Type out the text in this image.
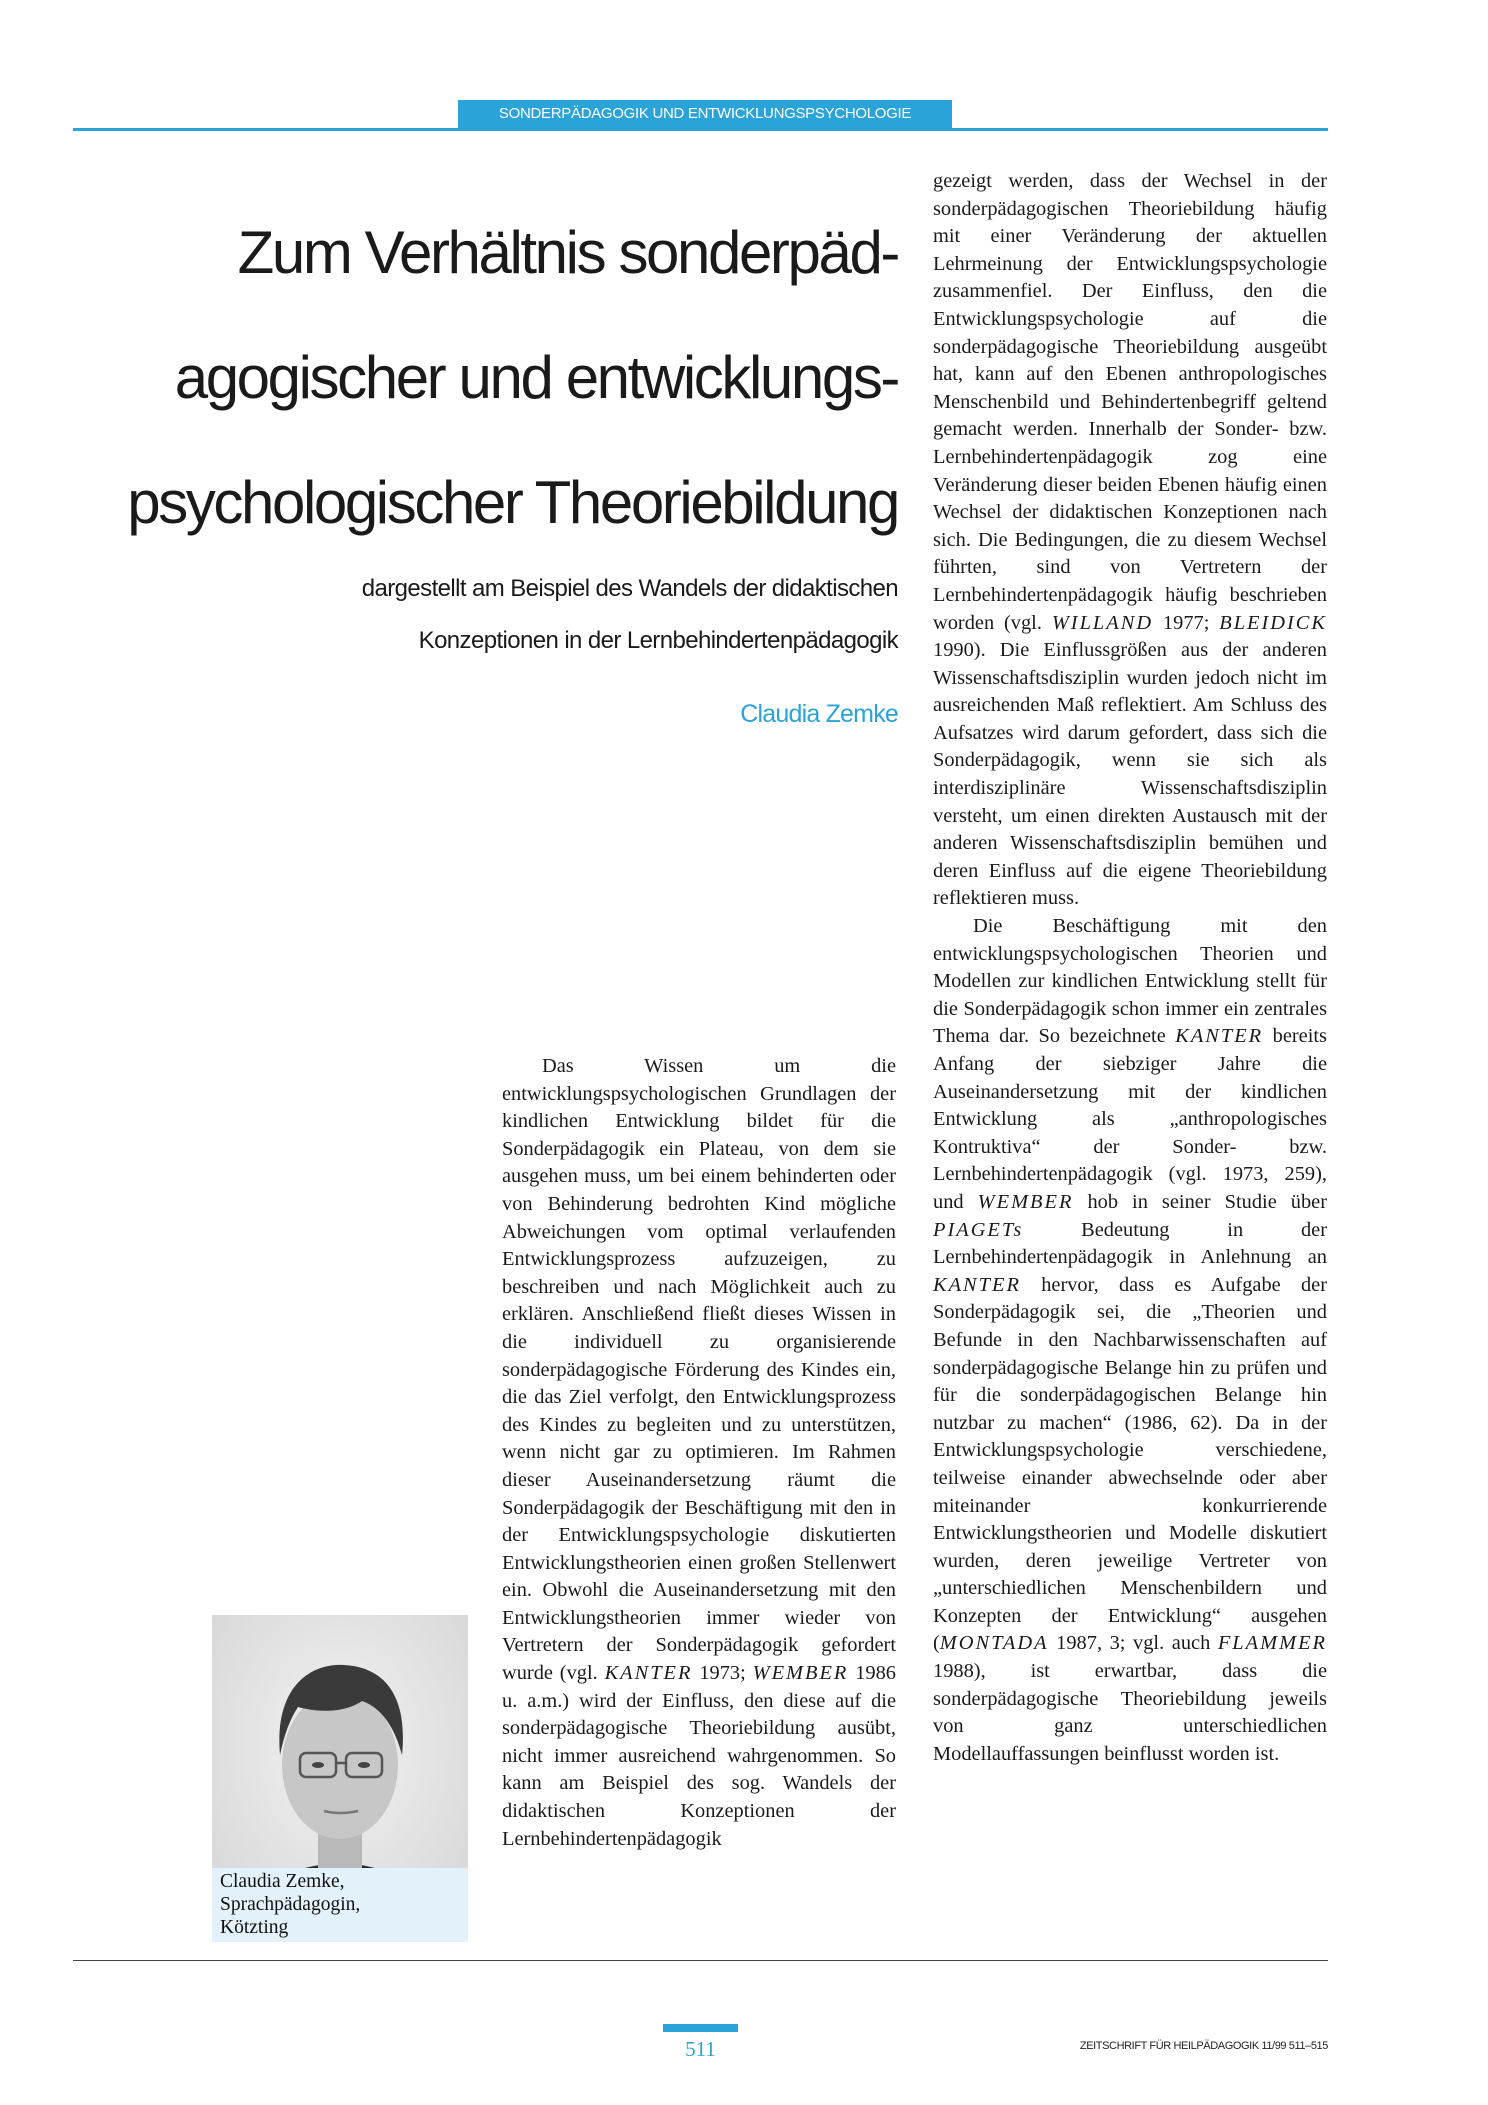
SONDERPÄDAGOGIK UND ENTWICKLUNGSPSYCHOLOGIE
Zum Verhältnis sonderpäd-
agogischer und entwicklungs-
psychologischer Theoriebildung
dargestellt am Beispiel des Wandels der didaktischen
Konzeptionen in der Lernbehindertenpädagogik
Claudia Zemke
Claudia Zemke,
Sprachpädagogin,
Kötzting

Das Wissen um die entwicklungspsychologischen Grundlagen der kindlichen Entwicklung bildet für die Sonderpädagogik ein Plateau, von dem sie ausgehen muss, um bei einem behinderten oder von Behinderung bedrohten Kind mögliche Abweichungen vom optimal verlaufenden Entwicklungsprozess aufzuzeigen, zu beschreiben und nach Möglichkeit auch zu erklären. Anschließend fließt dieses Wissen in die individuell zu organisierende sonderpädagogische Förderung des Kindes ein, die das Ziel verfolgt, den Entwicklungsprozess des Kindes zu begleiten und zu unterstützen, wenn nicht gar zu optimieren. Im Rahmen dieser Auseinandersetzung räumt die Sonderpädagogik der Beschäftigung mit den in der Entwicklungspsychologie diskutierten Entwicklungstheorien einen großen Stellenwert ein. Obwohl die Auseinandersetzung mit den Entwicklungstheorien immer wieder von Vertretern der Sonderpädagogik gefordert wurde (vgl. KANTER 1973; WEMBER 1986 u. a.m.) wird der Einfluss, den diese auf die sonderpädagogische Theoriebildung ausübt, nicht immer ausreichend wahrgenommen. So kann am Beispiel des sog. Wandels der didaktischen Konzeptionen der Lernbehindertenpädagogik

gezeigt werden, dass der Wechsel in der sonderpädagogischen Theoriebildung häufig mit einer Veränderung der aktuellen Lehrmeinung der Entwicklungspsychologie zusammenfiel. Der Einfluss, den die Entwicklungspsychologie auf die sonderpädagogische Theoriebildung ausgeübt hat, kann auf den Ebenen anthropologisches Menschenbild und Behindertenbegriff geltend gemacht werden. Innerhalb der Sonder- bzw. Lernbehindertenpädagogik zog eine Veränderung dieser beiden Ebenen häufig einen Wechsel der didaktischen Konzeptionen nach sich. Die Bedingungen, die zu diesem Wechsel führten, sind von Vertretern der Lernbehindertenpädagogik häufig beschrieben worden (vgl. WILLAND 1977; BLEIDICK 1990). Die Einflussgrößen aus der anderen Wissenschaftsdisziplin wurden jedoch nicht im ausreichenden Maß reflektiert. Am Schluss des Aufsatzes wird darum gefordert, dass sich die Sonderpädagogik, wenn sie sich als interdisziplinäre Wissenschaftsdisziplin versteht, um einen direkten Austausch mit der anderen Wissenschaftsdisziplin bemühen und deren Einfluss auf die eigene Theoriebildung reflektieren muss.

Die Beschäftigung mit den entwicklungspsychologischen Theorien und Modellen zur kindlichen Entwicklung stellt für die Sonderpädagogik schon immer ein zentrales Thema dar. So bezeichnete KANTER bereits Anfang der siebziger Jahre die Auseinandersetzung mit der kindlichen Entwicklung als „anthropologisches Kontruktiva“ der Sonder- bzw. Lernbehindertenpädagogik (vgl. 1973, 259), und WEMBER hob in seiner Studie über PIAGETs	Bedeutung in der Lernbehindertenpädagogik in Anlehnung an KANTER hervor, dass es Aufgabe der Sonderpädagogik sei, die „Theorien und Befunde in den Nachbarwissenschaften auf sonderpädagogische Belange hin zu prüfen und für die sonderpädagogischen Belange hin nutzbar zu machen“ (1986, 62). Da in der Entwicklungspsychologie verschiedene, teilweise einander abwechselnde oder aber miteinander konkurrierende Entwicklungstheorien und Modelle diskutiert wurden, deren jeweilige Vertreter von „unterschiedlichen Menschenbildern und Konzepten der Entwicklung“ ausgehen (MONTADA 1987, 3; vgl. auch FLAMMER 1988), ist erwartbar, dass die sonderpädagogische Theoriebildung jeweils von ganz unterschiedlichen Modellauffassungen beinflusst worden ist.

511	ZEITSCHRIFT FÜR HEILPÄDAGOGIK 11/99 511–515
